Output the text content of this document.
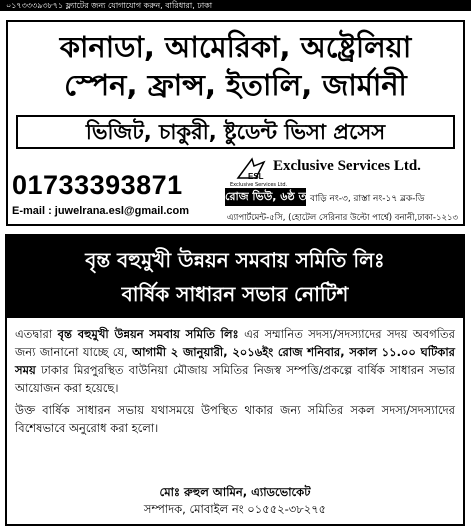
০১৭৩৩৩৯৩৮৭১ ফ্ল্যাটের জন্য যোগাযোগ করুন, বারিধারা, ঢাকা
কানাডা, আমেরিকা, অষ্ট্রেলিয়া
স্পেন, ফ্রান্স, ইতালি, জার্মানী
ভিজিট, চাকুরী, ষ্টুডেন্ট ভিসা প্রসেস
01733393871
E-mail : juwelrana.esl@gmail.com
ESL
Exclusive Services Ltd.
Exclusive Services Ltd.
রোজ ভিউ, ৬ষ্ঠ তলা,
বাড়ি নং-৩, রাস্তা নং-১৭ ব্লক-ডি
এ্যাপার্টমেন্ট-৫সি, (হোটেল সেরিনার উল্টো পার্শ্বে) বনানী,ঢাকা-১২১৩
বৃন্ত বহুমুখী উন্নয়ন সমবায় সমিতি লিঃ
বার্ষিক সাধারন সভার নোটিশ

এতদ্বারা বৃন্ত বহুমুখী উন্নয়ন সমবায় সমিতি লিঃ এর সম্মানিত সদস্য/সদস্যাদের সদয় অবগতির জন্য জানানো যাচ্ছে যে, আগামী ২ জানুয়ারী, ২০১৬ইং রোজ শনিবার, সকাল ১১.০০ ঘটিকার সময় ঢাকার মিরপুরস্থিত বাউনিয়া মৌজায় সমিতির নিজস্ব সম্পত্তি/প্রকল্পে বার্ষিক সাধারন সভার আয়োজন করা হয়েছে।

উক্ত বার্ষিক সাধারন সভায় যথাসময়ে উপস্থিত থাকার জন্য সমিতির সকল সদস্য/সদস্যাদের বিশেষভাবে অনুরোধ করা হলো।

মোঃ রুহুল আমিন, এ্যাডভোকেট
সম্পাদক, মোবাইল নং ০১৫৫২-৩৮২৭৫
